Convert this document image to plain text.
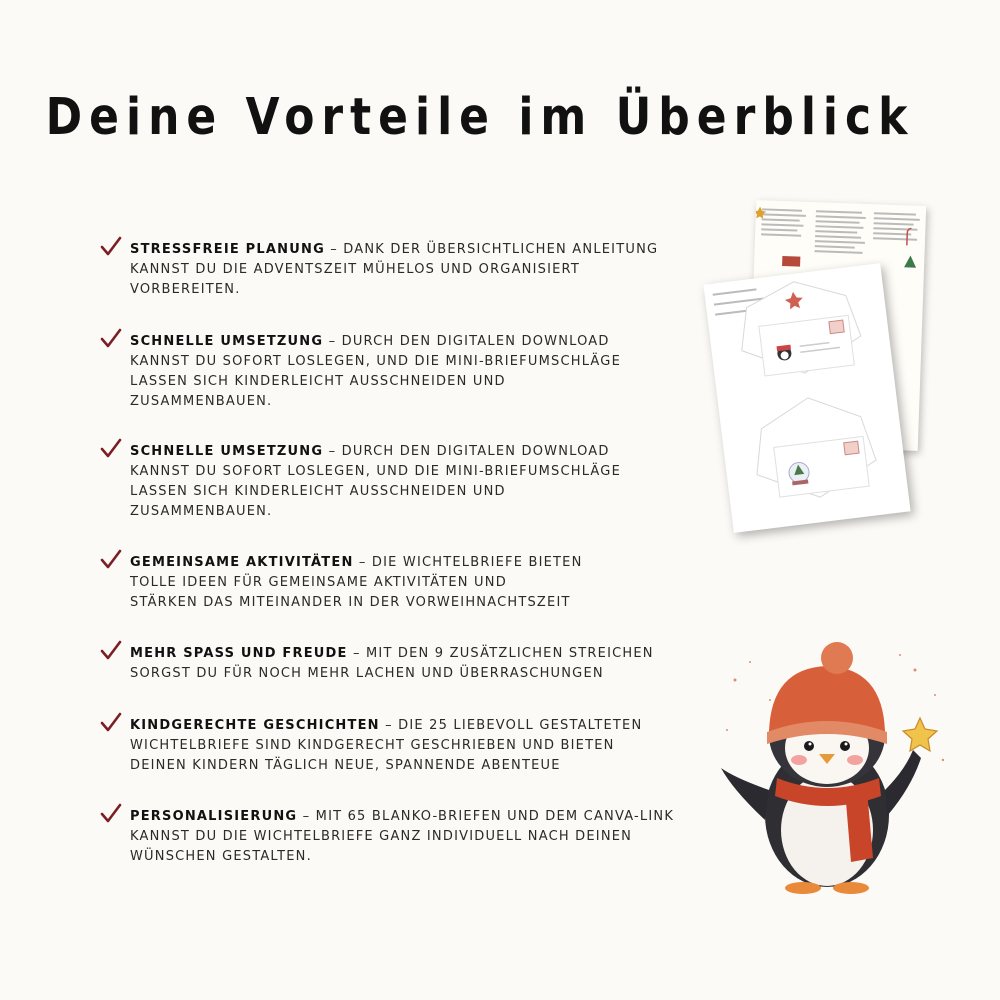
Deine Vorteile im Überblick
STRESSFREIE PLANUNG – DANK DER ÜBERSICHTLICHEN ANLEITUNG
KANNST DU DIE ADVENTSZEIT MÜHELOS UND ORGANISIERT
VORBEREITEN.
SCHNELLE UMSETZUNG – DURCH DEN DIGITALEN DOWNLOAD
KANNST DU SOFORT LOSLEGEN, UND DIE MINI-BRIEFUMSCHLÄGE
LASSEN SICH KINDERLEICHT AUSSCHNEIDEN UND
ZUSAMMENBAUEN.
SCHNELLE UMSETZUNG – DURCH DEN DIGITALEN DOWNLOAD
KANNST DU SOFORT LOSLEGEN, UND DIE MINI-BRIEFUMSCHLÄGE
LASSEN SICH KINDERLEICHT AUSSCHNEIDEN UND
ZUSAMMENBAUEN.
GEMEINSAME AKTIVITÄTEN – DIE WICHTELBRIEFE BIETEN
TOLLE IDEEN FÜR GEMEINSAME AKTIVITÄTEN UND
STÄRKEN DAS MITEINANDER IN DER VORWEIHNACHTSZEIT
MEHR SPASS UND FREUDE – MIT DEN 9 ZUSÄTZLICHEN STREICHEN
SORGST DU FÜR NOCH MEHR LACHEN UND ÜBERRASCHUNGEN
KINDGERECHTE GESCHICHTEN – DIE 25 LIEBEVOLL GESTALTETEN
WICHTELBRIEFE SIND KINDGERECHT GESCHRIEBEN UND BIETEN
DEINEN KINDERN TÄGLICH NEUE, SPANNENDE ABENTEUE
PERSONALISIERUNG – MIT 65 BLANKO-BRIEFEN UND DEM CANVA-LINK
KANNST DU DIE WICHTELBRIEFE GANZ INDIVIDUELL NACH DEINEN
WÜNSCHEN GESTALTEN.
